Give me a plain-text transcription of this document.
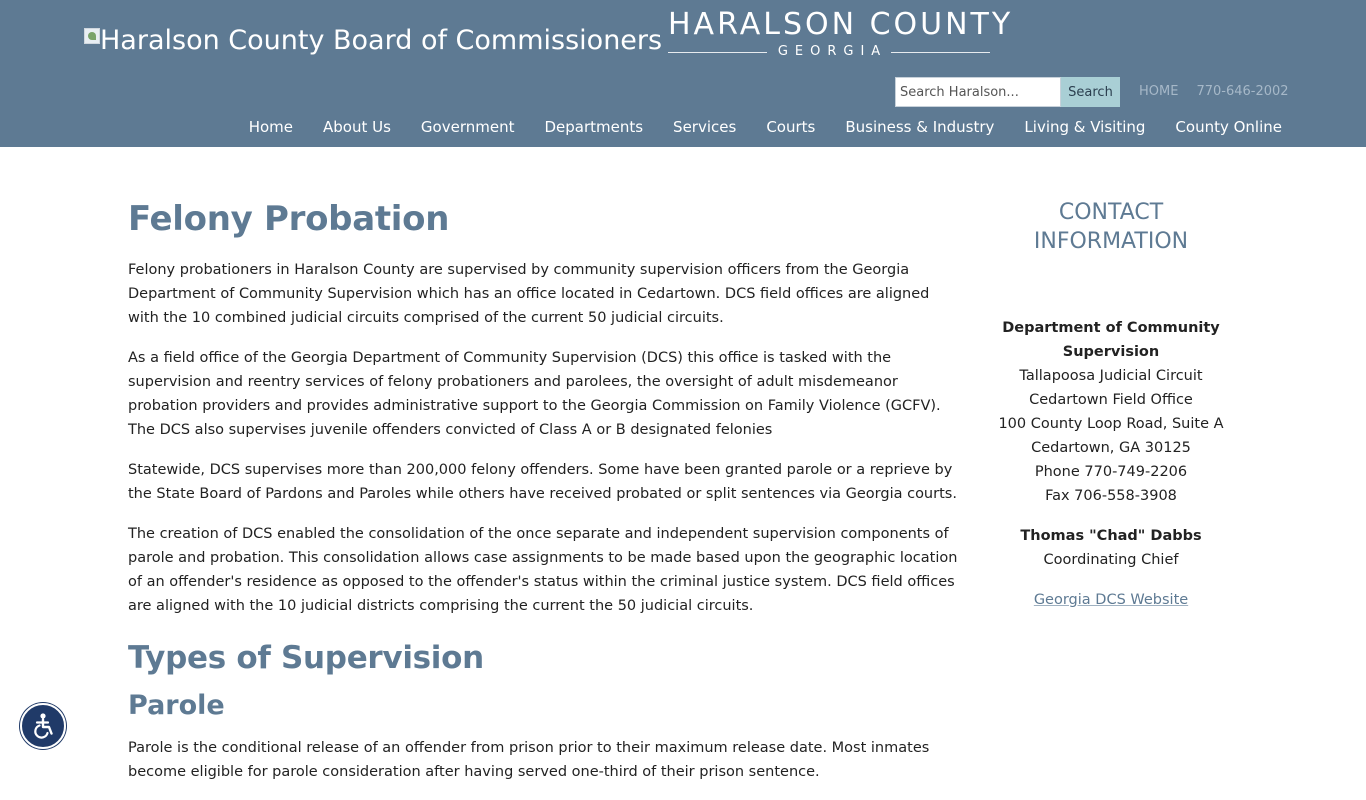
Haralson County Board of Commissioners HARALSON COUNTY
GEORGIA
Search Haralson...
Search	HOME 770-646-2002
Home	About Us	Government	Departments	Services	Courts	Business & Industry	Living & Visiting	County Online
Felony Probation

Felony probationers in Haralson County are supervised by community supervision officers from the Georgia Department of Community Supervision which has an office located in Cedartown. DCS field offices are aligned with the 10 combined judicial circuits comprised of the current 50 judicial circuits.

As a field office of the Georgia Department of Community Supervision (DCS) this office is tasked with the supervision and reentry services of felony probationers and parolees, the oversight of adult misdemeanor probation providers and provides administrative support to the Georgia Commission on Family Violence (GCFV). The DCS also supervises juvenile offenders convicted of Class A or B designated felonies

Statewide, DCS supervises more than 200,000 felony offenders. Some have been granted parole or a reprieve by the State Board of Pardons and Paroles while others have received probated or split sentences via Georgia courts.

The creation of DCS enabled the consolidation of the once separate and independent supervision components of parole and probation. This consolidation allows case assignments to be made based upon the geographic location of an offender's residence as opposed to the offender's status within the criminal justice system. DCS field offices are aligned with the 10 judicial districts comprising the current the 50 judicial circuits.

Types of Supervision
Parole

Parole is the conditional release of an offender from prison prior to their maximum release date. Most inmates become eligible for parole consideration after having served one-third of their prison sentence.

CONTACT INFORMATION
Department of Community Supervision
Tallapoosa Judicial Circuit
Cedartown Field Office
100 County Loop Road, Suite A
Cedartown, GA 30125
Phone 770-749-2206
Fax 706-558-3908
Thomas "Chad" Dabbs
Coordinating Chief
Georgia DCS Website
